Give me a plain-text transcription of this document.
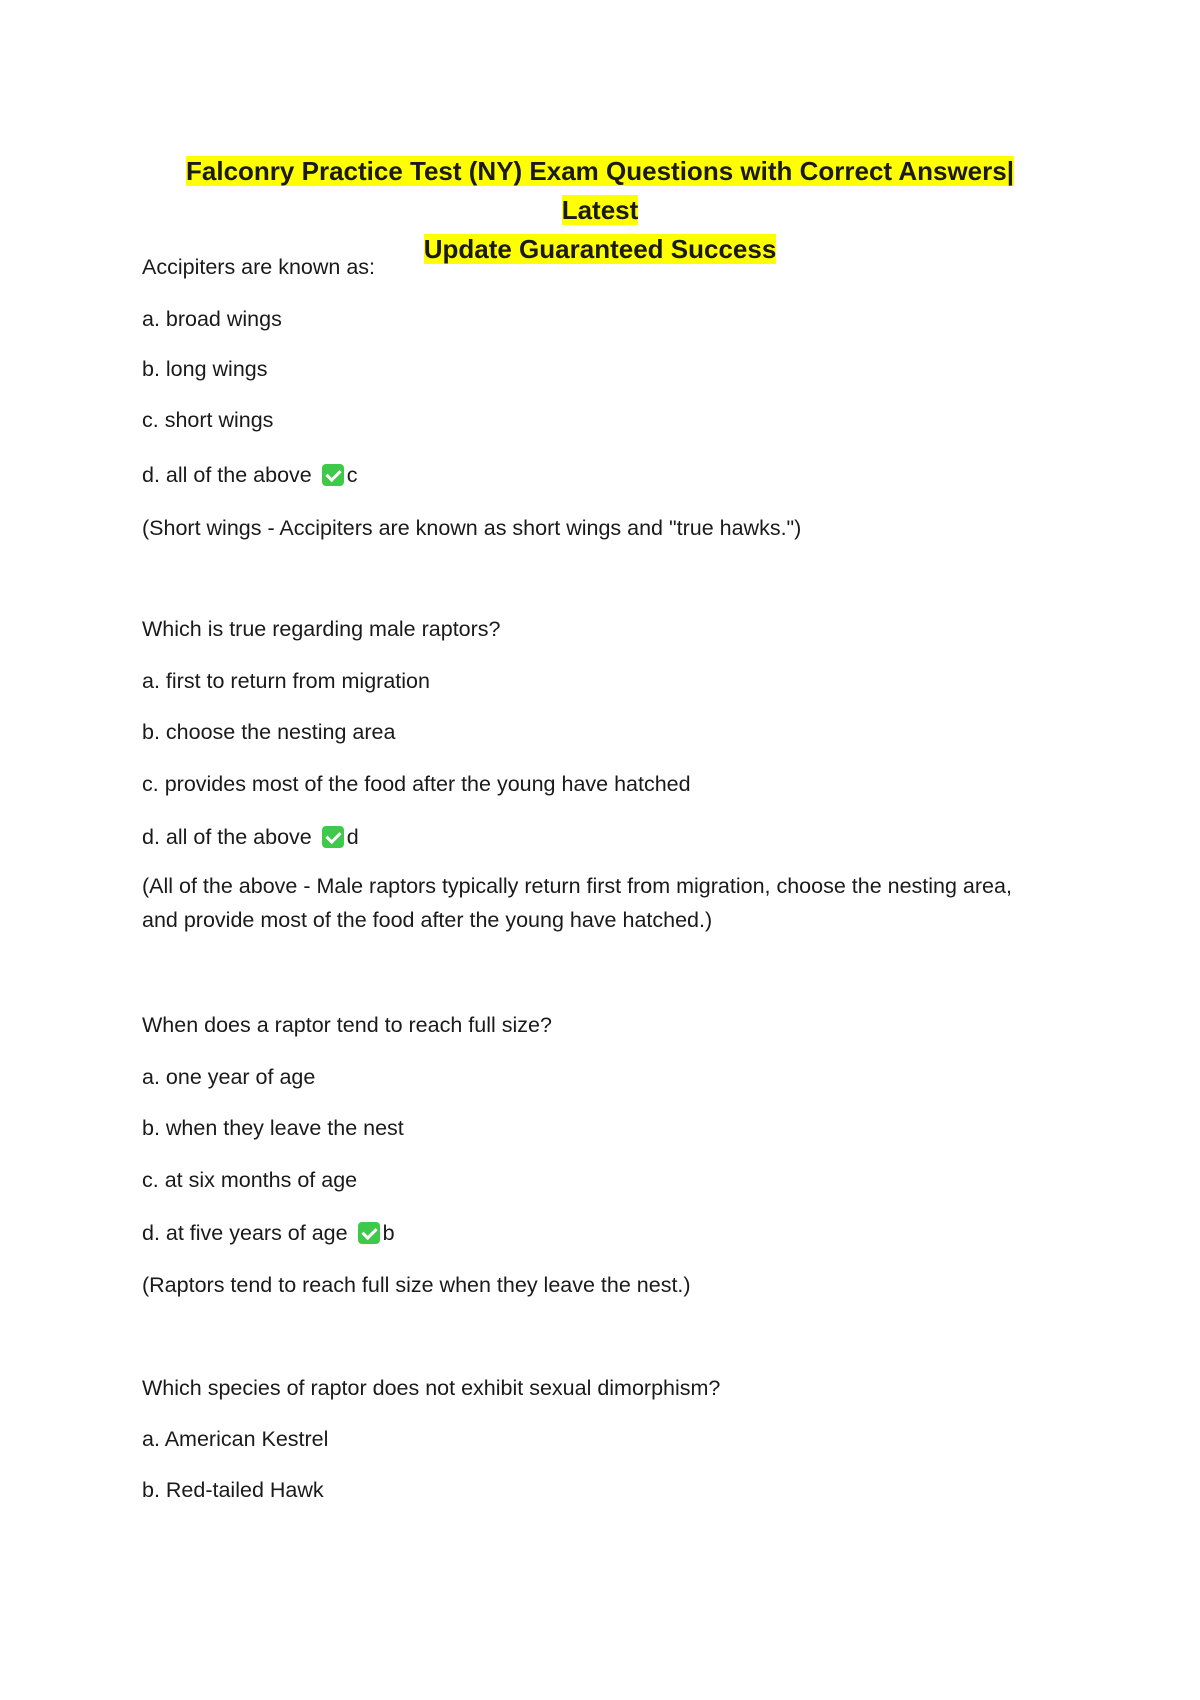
Falconry Practice Test (NY) Exam Questions with Correct Answers| Latest
Update Guaranteed Success
Accipiters are known as:
a. broad wings
b. long wings
c. short wings
d. all of the above c
(Short wings - Accipiters are known as short wings and "true hawks.")
Which is true regarding male raptors?
a. first to return from migration
b. choose the nesting area
c. provides most of the food after the young have hatched
d. all of the above d
(All of the above - Male raptors typically return first from migration, choose the nesting area, and provide most of the food after the young have hatched.)
When does a raptor tend to reach full size?
a. one year of age
b. when they leave the nest
c. at six months of age
d. at five years of age b
(Raptors tend to reach full size when they leave the nest.)
Which species of raptor does not exhibit sexual dimorphism?
a. American Kestrel
b. Red-tailed Hawk
